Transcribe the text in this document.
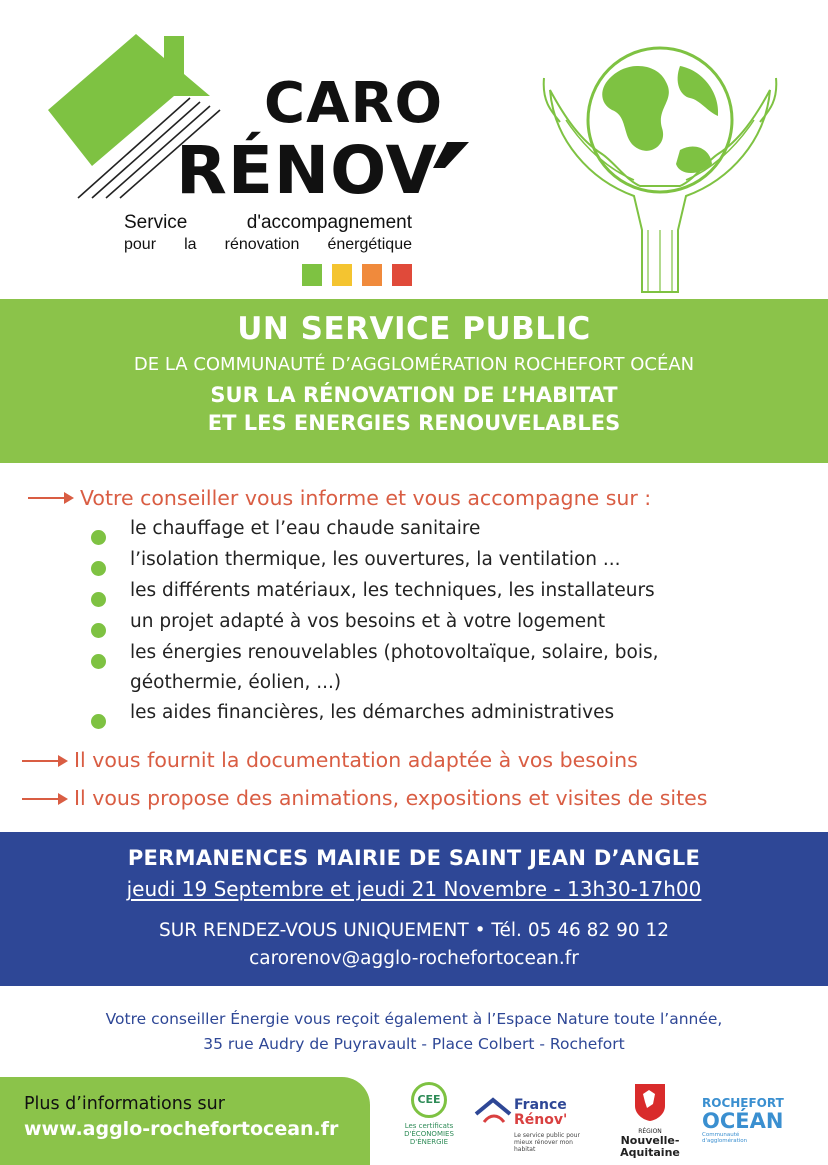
CARO
RÉNOV
Service d'accompagnement
pour la rénovation énergétique
UN SERVICE PUBLIC
DE LA COMMUNAUTÉ D’AGGLOMÉRATION ROCHEFORT OCÉAN
SUR LA RÉNOVATION DE L’HABITAT
ET LES ENERGIES RENOUVELABLES
Votre conseiller vous informe et vous accompagne sur :
le chauffage et l’eau chaude sanitaire
l’isolation thermique, les ouvertures, la ventilation ...
les différents matériaux, les techniques, les installateurs
un projet adapté à vos besoins et à votre logement
les énergies renouvelables (photovoltaïque, solaire, bois,
géothermie, éolien, ...)
les aides financières, les démarches administratives
Il vous fournit la documentation adaptée à vos besoins
Il vous propose des animations, expositions et visites de sites
PERMANENCES MAIRIE DE SAINT JEAN D’ANGLE
jeudi 19 Septembre et jeudi 21 Novembre - 13h30-17h00
SUR RENDEZ-VOUS UNIQUEMENT • Tél. 05 46 82 90 12
carorenov@agglo-rochefortocean.fr
Votre conseiller Énergie vous reçoit également à l’Espace Nature toute l’année,
35 rue Audry de Puyravault - Place Colbert - Rochefort
Plus d’informations sur
www.agglo-rochefortocean.fr
CEE
Les certificats D'ÉCONOMIES D'ÉNERGIE
France
Rénov'
Le service public pour mieux rénover mon habitat
RÉGION
Nouvelle-
Aquitaine
ROCHEFORT
OCÉAN
Communauté d'agglomération
